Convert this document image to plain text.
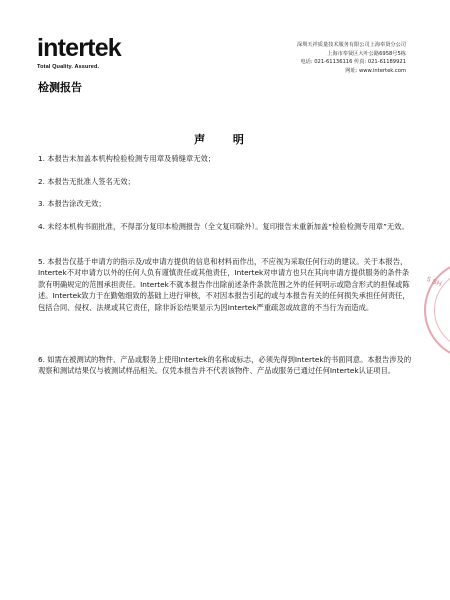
intertek
Total Quality. Assured.
深圳天祥质量技术服务有限公司上海奉贤分公司
上海市奉贤区大叶公路6958号5栋
电话: 021-61136116 传真: 021-61189921
网址: www.intertek.com
检测报告
声 明
1. 本报告未加盖本机构检验检测专用章及骑缝章无效；
2. 本报告无批准人签名无效；
3. 本报告涂改无效；
4. 未经本机构书面批准，不得部分复印本检测报告（全文复印除外）。复印报告未重新加盖“检验检测专用章”无效。
5. 本报告仅基于申请方的指示及/或申请方提供的信息和材料而作出，不应视为采取任何行动的建议。关于本报告，Intertek不对申请方以外的任何人负有谨慎责任或其他责任，Intertek对申请方也只在其向申请方提供服务的条件条款有明确规定的范围承担责任。Intertek不就本报告作出除前述条件条款范围之外的任何明示或隐含形式的担保或陈述。Intertek致力于在勤勉细致的基础上进行审核，不对因本报告引起的或与本报告有关的任何损失承担任何责任，包括合同、侵权、法规或其它责任，除非诉讼结果显示为因Intertek严重疏忽或故意的不当行为而造成。
6. 如需在被测试的物件、产品或服务上使用Intertek的名称或标志，必须先得到Intertek的书面同意。本报告涉及的观察和测试结果仅与被测试样品相关。仅凭本报告并不代表该物件、产品或服务已通过任何Intertek认证项目。
5 SH
